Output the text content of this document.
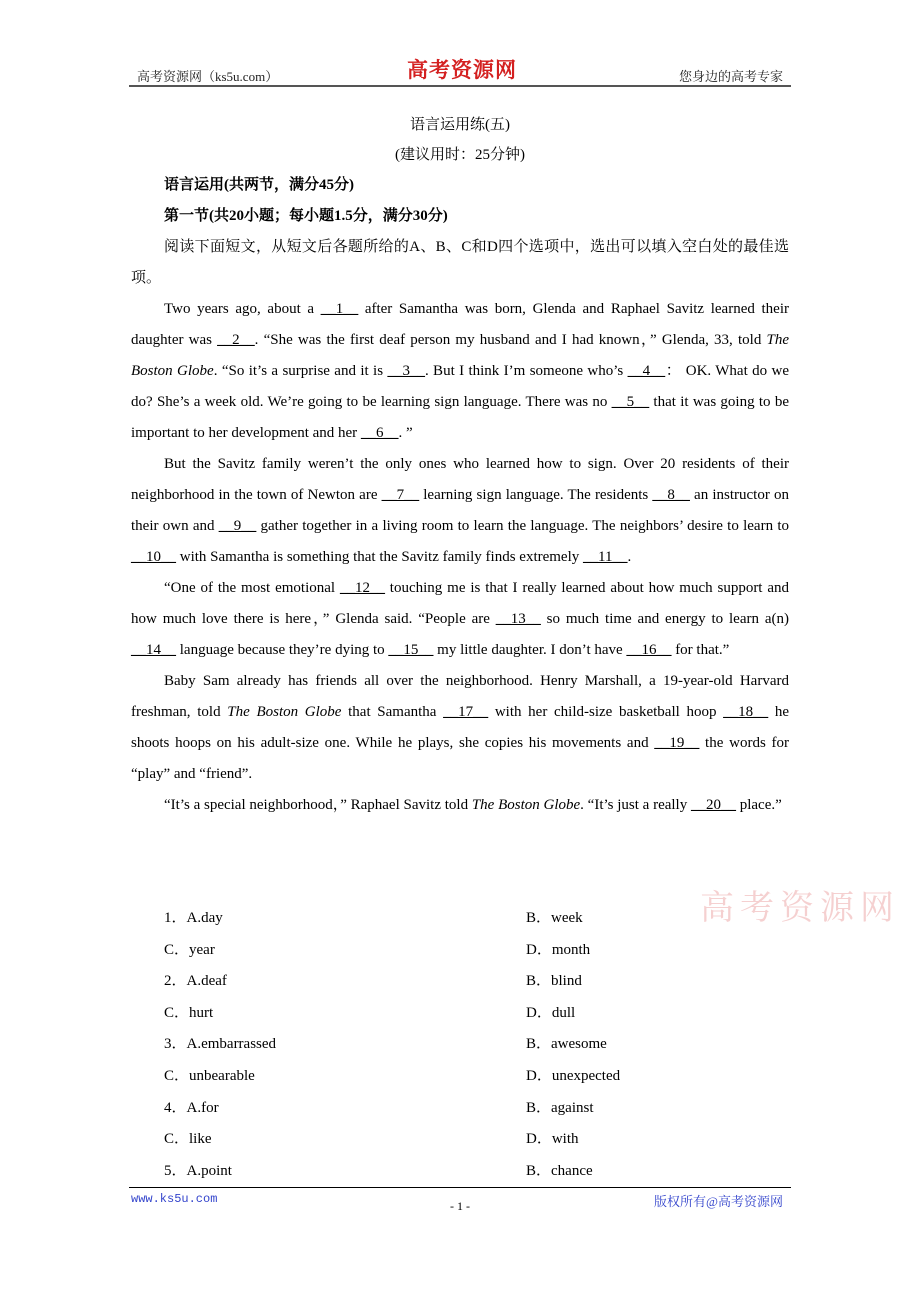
高考资源网（ks5u.com）	高考资源网	您身边的高考专家
语言运用练(五)
(建议用时：25分钟)

语言运用(共两节，满分45分)

第一节(共20小题；每小题1.5分，满分30分)

阅读下面短文，从短文后各题所给的A、B、C和D四个选项中，选出可以填入空白处的最佳选项。

Two years ago, about a __1__ after Samantha was born, Glenda and Raphael Savitz learned their daughter was __2__. “She was the first deaf person my husband and I had known，” Glenda, 33, told The Boston Globe. “So it’s a surprise and it is __3__. But I think I’m someone who’s __4__： OK. What do we do? She’s a week old. We’re going to be learning sign language. There was no __5__ that it was going to be important to her development and her __6__. ”

But the Savitz family weren’t the only ones who learned how to sign. Over 20 residents of their neighborhood in the town of Newton are __7__ learning sign language. The residents __8__ an instructor on their own and __9__ gather together in a living room to learn the language. The neighbors’ desire to learn to __10__ with Samantha is something that the Savitz family finds extremely __11__.

“One of the most emotional __12__ touching me is that I really learned about how much support and how much love there is here，” Glenda said. “People are __13__ so much time and energy to learn a(n) __14__ language because they’re dying to __15__ my little daughter. I don’t have __16__ for that.”

Baby Sam already has friends all over the neighborhood. Henry Marshall, a 19-year-old Harvard freshman, told The Boston Globe that Samantha __17__ with her child-size basketball hoop __18__ he shoots hoops on his adult-size one. While he plays, she copies his movements and __19__ the words for “play” and “friend”.

“It’s a special neighborhood，” Raphael Savitz told The Boston Globe. “It’s just a really __20__ place.”

高考资源网
1．A.day	B．week
C．year	D．month
2．A.deaf	B．blind
C．hurt	D．dull
3．A.embarrassed	B．awesome
C．unbearable	D．unexpected
4．A.for	B．against
C．like	D．with
5．A.point	B．chance
www.ks5u.com	- 1 -	版权所有@高考资源网
